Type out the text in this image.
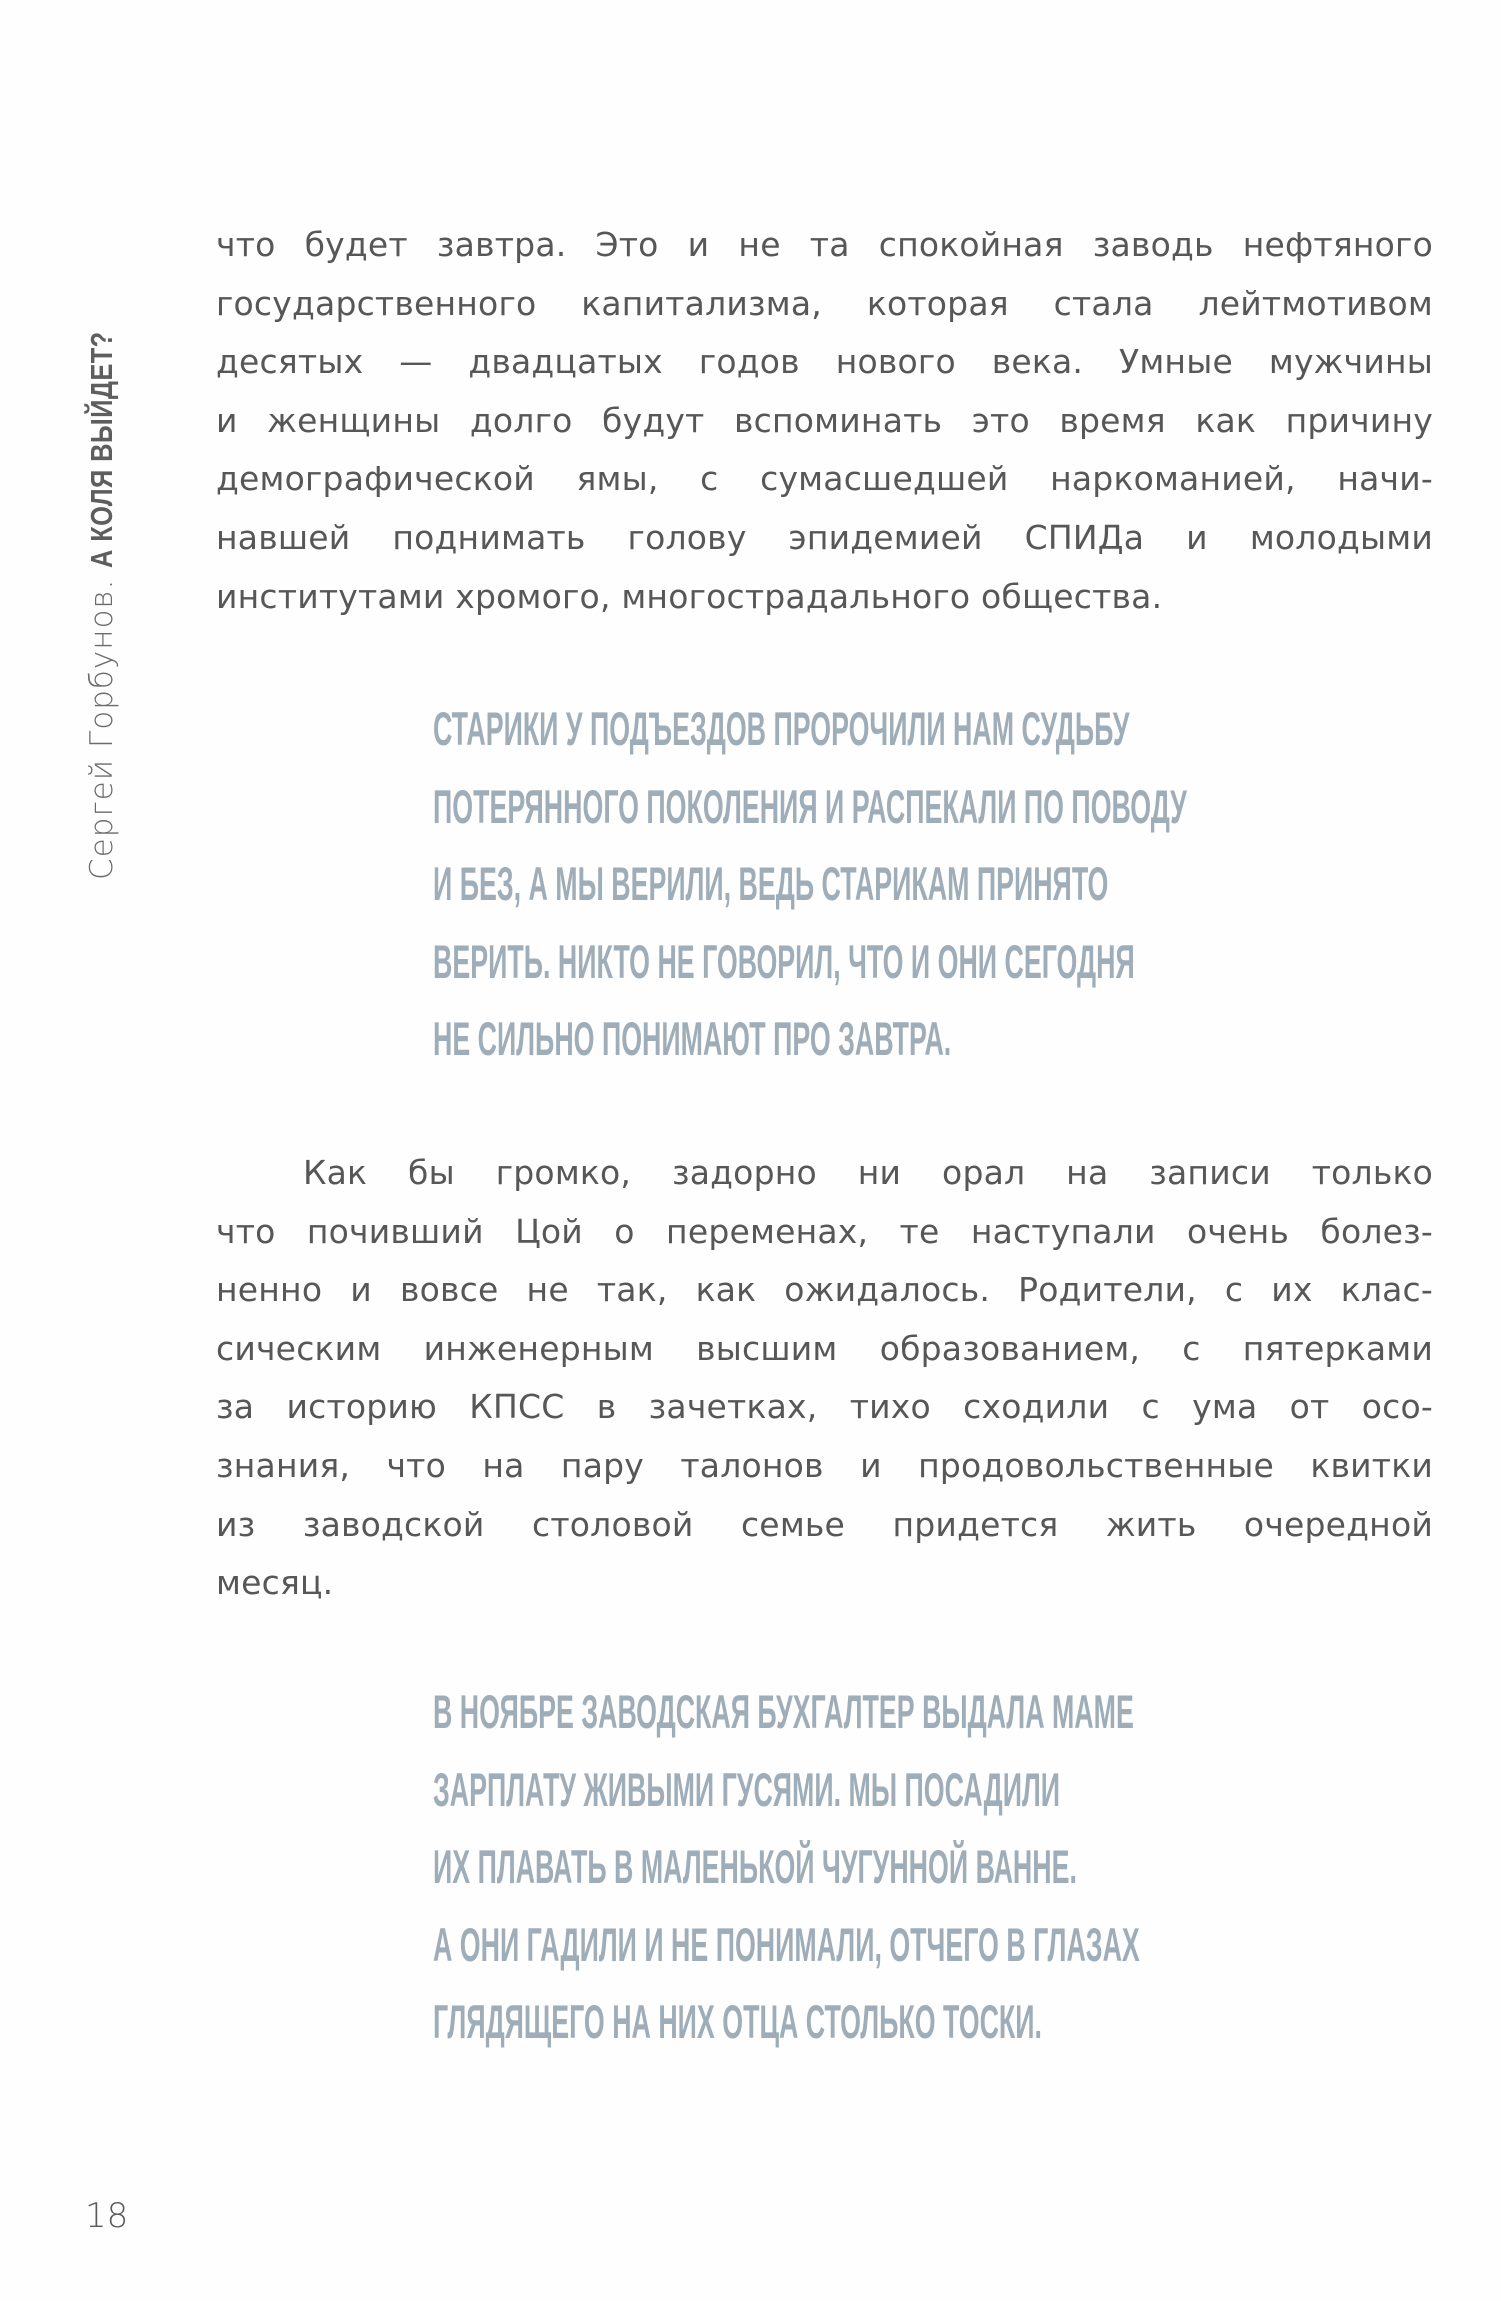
Сергей Горбунов. А КОЛЯ ВЫЙДЕТ?
что будет завтра. Это и не та спокойная заводь нефтяного
государственного капитализма, которая стала лейтмотивом
десятых — двадцатых годов нового века. Умные мужчины
и женщины долго будут вспоминать это время как причину
демографической ямы, с сумасшедшей наркоманией, начи-
навшей поднимать голову эпидемией СПИДа и молодыми
институтами хромого, многострадального общества.
СТАРИКИ У ПОДЪЕЗДОВ ПРОРОЧИЛИ НАМ СУДЬБУ
ПОТЕРЯННОГО ПОКОЛЕНИЯ И РАСПЕКАЛИ ПО ПОВОДУ
И БЕЗ, А МЫ ВЕРИЛИ, ВЕДЬ СТАРИКАМ ПРИНЯТО
ВЕРИТЬ. НИКТО НЕ ГОВОРИЛ, ЧТО И ОНИ СЕГОДНЯ
НЕ СИЛЬНО ПОНИМАЮТ ПРО ЗАВТРА.
Как бы громко, задорно ни орал на записи только
что почивший Цой о переменах, те наступали очень болез-
ненно и вовсе не так, как ожидалось. Родители, с их клас-
сическим инженерным высшим образованием, с пятерками
за историю КПСС в зачетках, тихо сходили с ума от осо-
знания, что на пару талонов и продовольственные квитки
из заводской столовой семье придется жить очередной
месяц.
В НОЯБРЕ ЗАВОДСКАЯ БУХГАЛТЕР ВЫДАЛА МАМЕ
ЗАРПЛАТУ ЖИВЫМИ ГУСЯМИ. МЫ ПОСАДИЛИ
ИХ ПЛАВАТЬ В МАЛЕНЬКОЙ ЧУГУННОЙ ВАННЕ.
А ОНИ ГАДИЛИ И НЕ ПОНИМАЛИ, ОТЧЕГО В ГЛАЗАХ
ГЛЯДЯЩЕГО НА НИХ ОТЦА СТОЛЬКО ТОСКИ.
18
